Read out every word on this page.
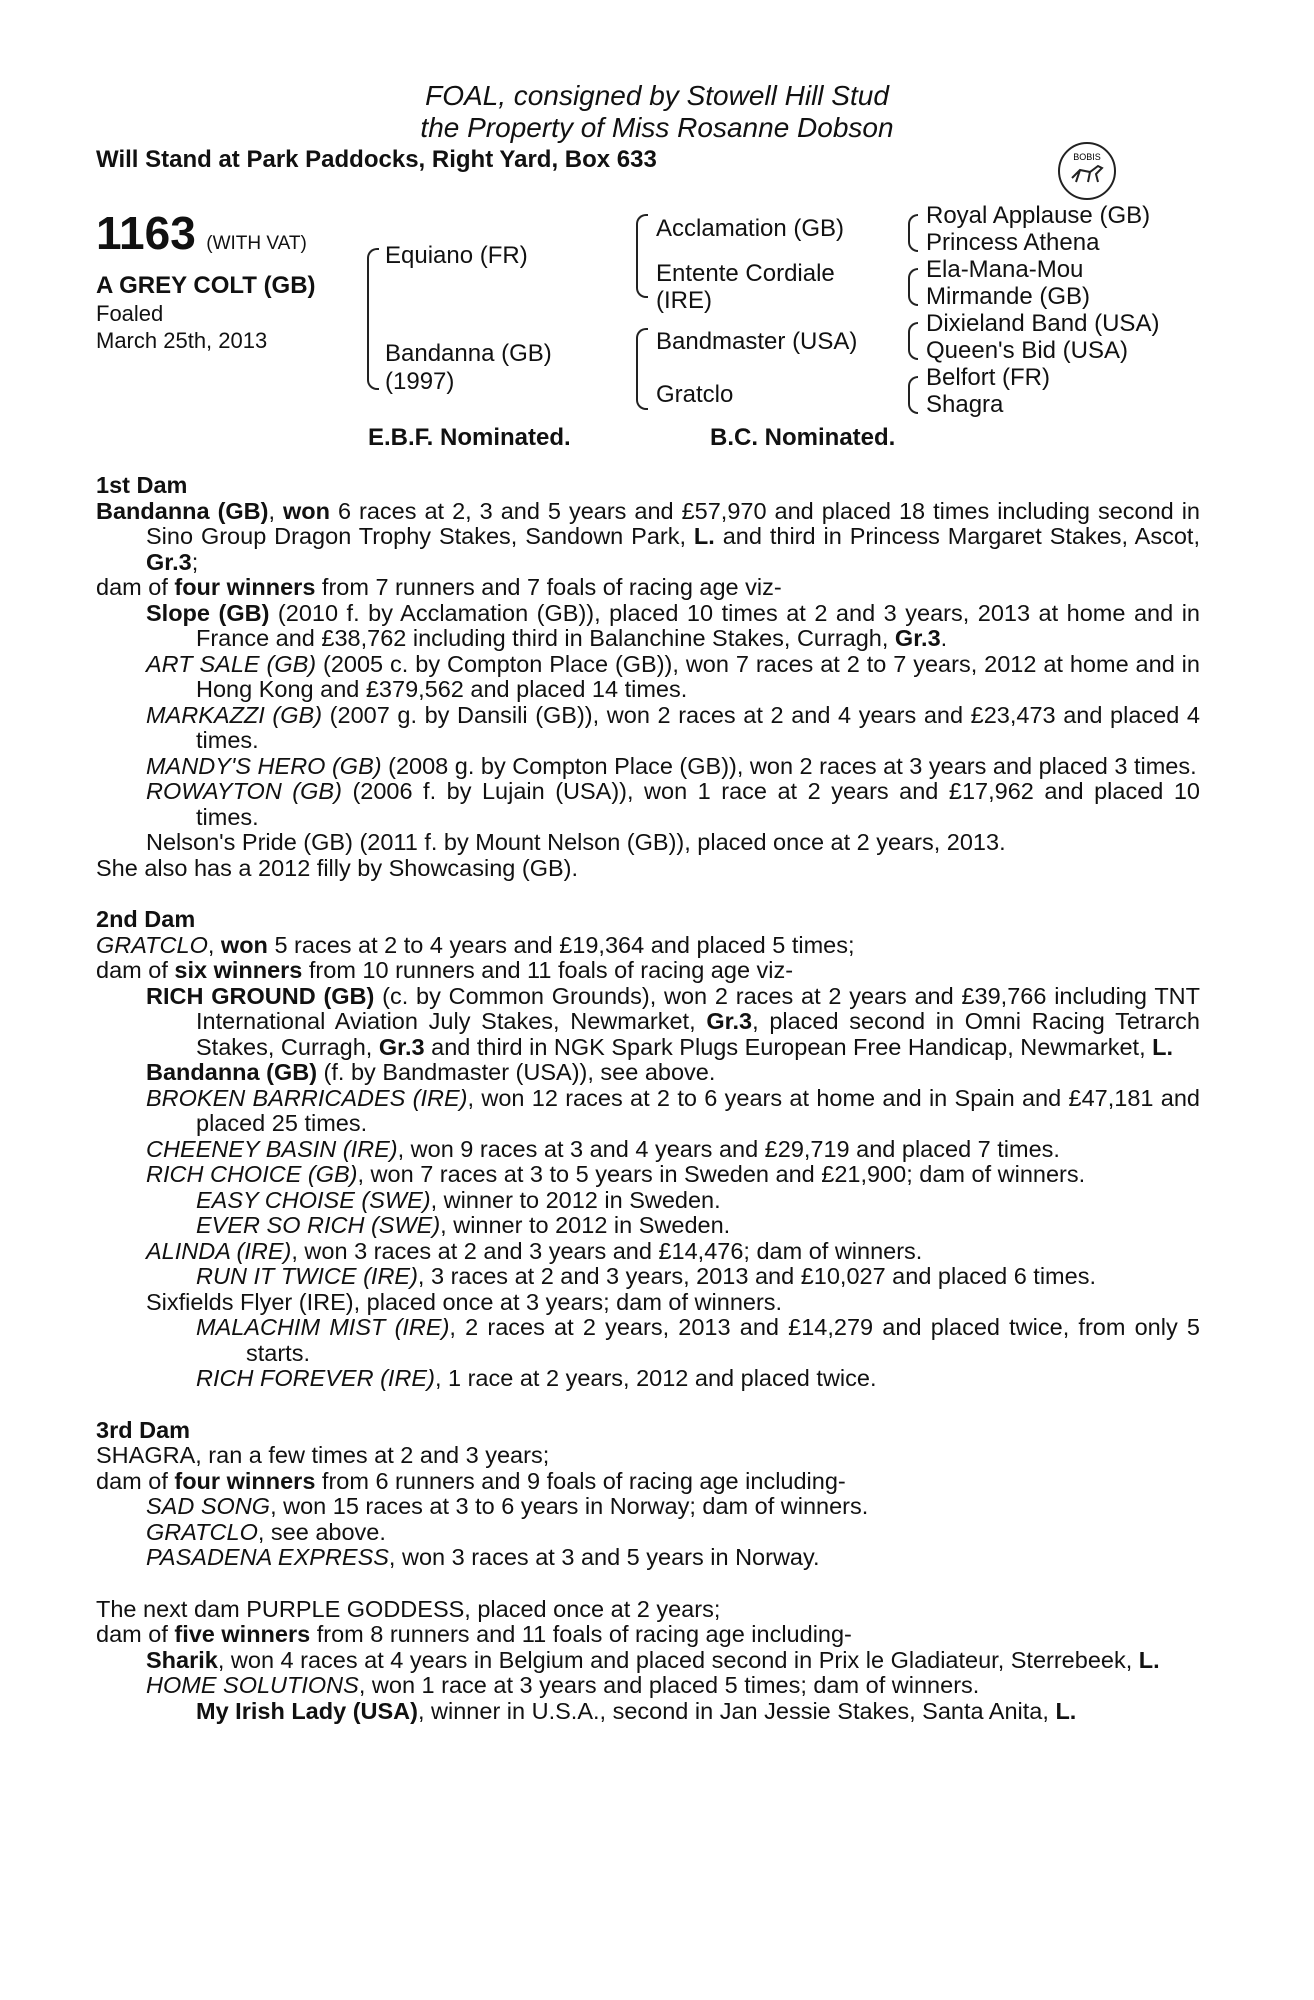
FOAL, consigned by Stowell Hill Stud
the Property of Miss Rosanne Dobson
Will Stand at Park Paddocks, Right Yard, Box 633	BOBIS
1163 (WITH VAT)
A GREY COLT (GB)
Foaled
March 25th, 2013
Equiano (FR)
Bandanna (GB)
(1997)
Acclamation (GB)
Entente Cordiale
(IRE)
Bandmaster (USA)
Gratclo
Royal Applause (GB)
Princess Athena
Ela-Mana-Mou
Mirmande (GB)
Dixieland Band (USA)
Queen's Bid (USA)
Belfort (FR)
Shagra
E.B.F. Nominated.	B.C. Nominated.

1st Dam

Bandanna (GB), won 6 races at 2, 3 and 5 years and £57,970 and placed 18 times including second in Sino Group Dragon Trophy Stakes, Sandown Park, L. and third in Princess Margaret Stakes, Ascot, Gr.3;

dam of four winners from 7 runners and 7 foals of racing age viz-

Slope (GB) (2010 f. by Acclamation (GB)), placed 10 times at 2 and 3 years, 2013 at home and in France and £38,762 including third in Balanchine Stakes, Curragh, Gr.3.

ART SALE (GB) (2005 c. by Compton Place (GB)), won 7 races at 2 to 7 years, 2012 at home and in Hong Kong and £379,562 and placed 14 times.

MARKAZZI (GB) (2007 g. by Dansili (GB)), won 2 races at 2 and 4 years and £23,473 and placed 4 times.

MANDY'S HERO (GB) (2008 g. by Compton Place (GB)), won 2 races at 3 years and placed 3 times.

ROWAYTON (GB) (2006 f. by Lujain (USA)), won 1 race at 2 years and £17,962 and placed 10 times.

Nelson's Pride (GB) (2011 f. by Mount Nelson (GB)), placed once at 2 years, 2013.

She also has a 2012 filly by Showcasing (GB).

2nd Dam

GRATCLO, won 5 races at 2 to 4 years and £19,364 and placed 5 times;

dam of six winners from 10 runners and 11 foals of racing age viz-

RICH GROUND (GB) (c. by Common Grounds), won 2 races at 2 years and £39,766 including TNT International Aviation July Stakes, Newmarket, Gr.3, placed second in Omni Racing Tetrarch Stakes, Curragh, Gr.3 and third in NGK Spark Plugs European Free Handicap, Newmarket, L.

Bandanna (GB) (f. by Bandmaster (USA)), see above.

BROKEN BARRICADES (IRE), won 12 races at 2 to 6 years at home and in Spain and £47,181 and placed 25 times.

CHEENEY BASIN (IRE), won 9 races at 3 and 4 years and £29,719 and placed 7 times.

RICH CHOICE (GB), won 7 races at 3 to 5 years in Sweden and £21,900; dam of winners.

EASY CHOISE (SWE), winner to 2012 in Sweden.

EVER SO RICH (SWE), winner to 2012 in Sweden.

ALINDA (IRE), won 3 races at 2 and 3 years and £14,476; dam of winners.

RUN IT TWICE (IRE), 3 races at 2 and 3 years, 2013 and £10,027 and placed 6 times.

Sixfields Flyer (IRE), placed once at 3 years; dam of winners.

MALACHIM MIST (IRE), 2 races at 2 years, 2013 and £14,279 and placed twice, from only 5 starts.

RICH FOREVER (IRE), 1 race at 2 years, 2012 and placed twice.

3rd Dam

SHAGRA, ran a few times at 2 and 3 years;

dam of four winners from 6 runners and 9 foals of racing age including-

SAD SONG, won 15 races at 3 to 6 years in Norway; dam of winners.

GRATCLO, see above.

PASADENA EXPRESS, won 3 races at 3 and 5 years in Norway.

The next dam PURPLE GODDESS, placed once at 2 years;

dam of five winners from 8 runners and 11 foals of racing age including-

Sharik, won 4 races at 4 years in Belgium and placed second in Prix le Gladiateur, Sterrebeek, L.

HOME SOLUTIONS, won 1 race at 3 years and placed 5 times; dam of winners.

My Irish Lady (USA), winner in U.S.A., second in Jan Jessie Stakes, Santa Anita, L.
